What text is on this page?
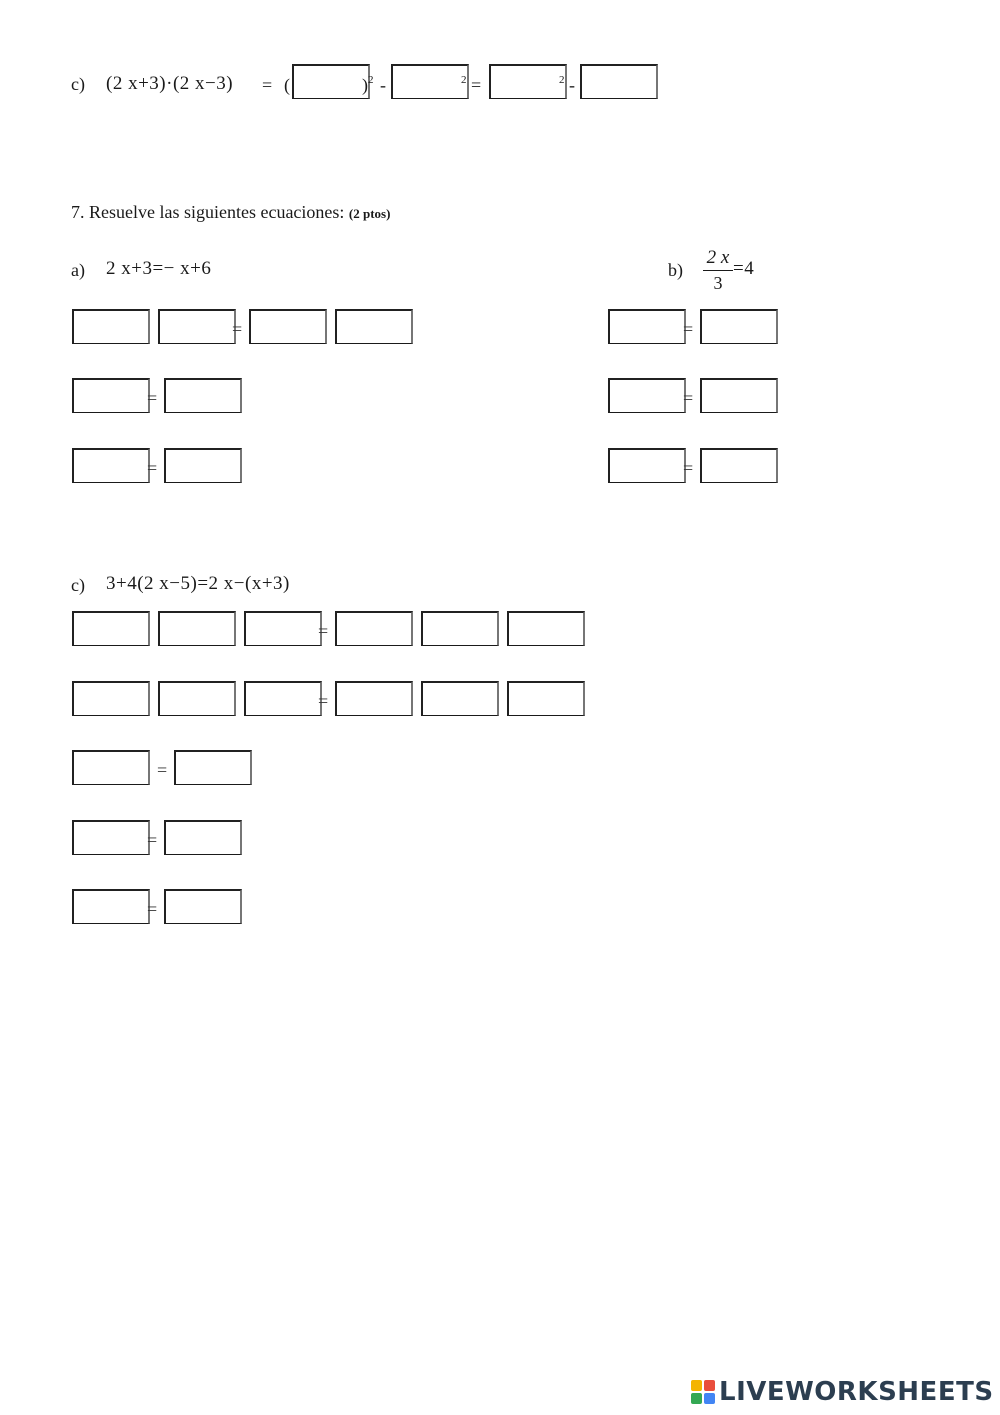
c) (2 x+3)·(2 x−3) = (	)$^2$ -	$^2$ =	$^2$ -
7. Resuelve las siguientes ecuaciones: (2 ptos)
a) 2 x+3=− x+6	b)
2 x
3
=4
=
=
=
=
=
=
c) 3+4(2 x−5)=2 x−(x+3)
=
=
=
=
=
LIVEWORKSHEETS
